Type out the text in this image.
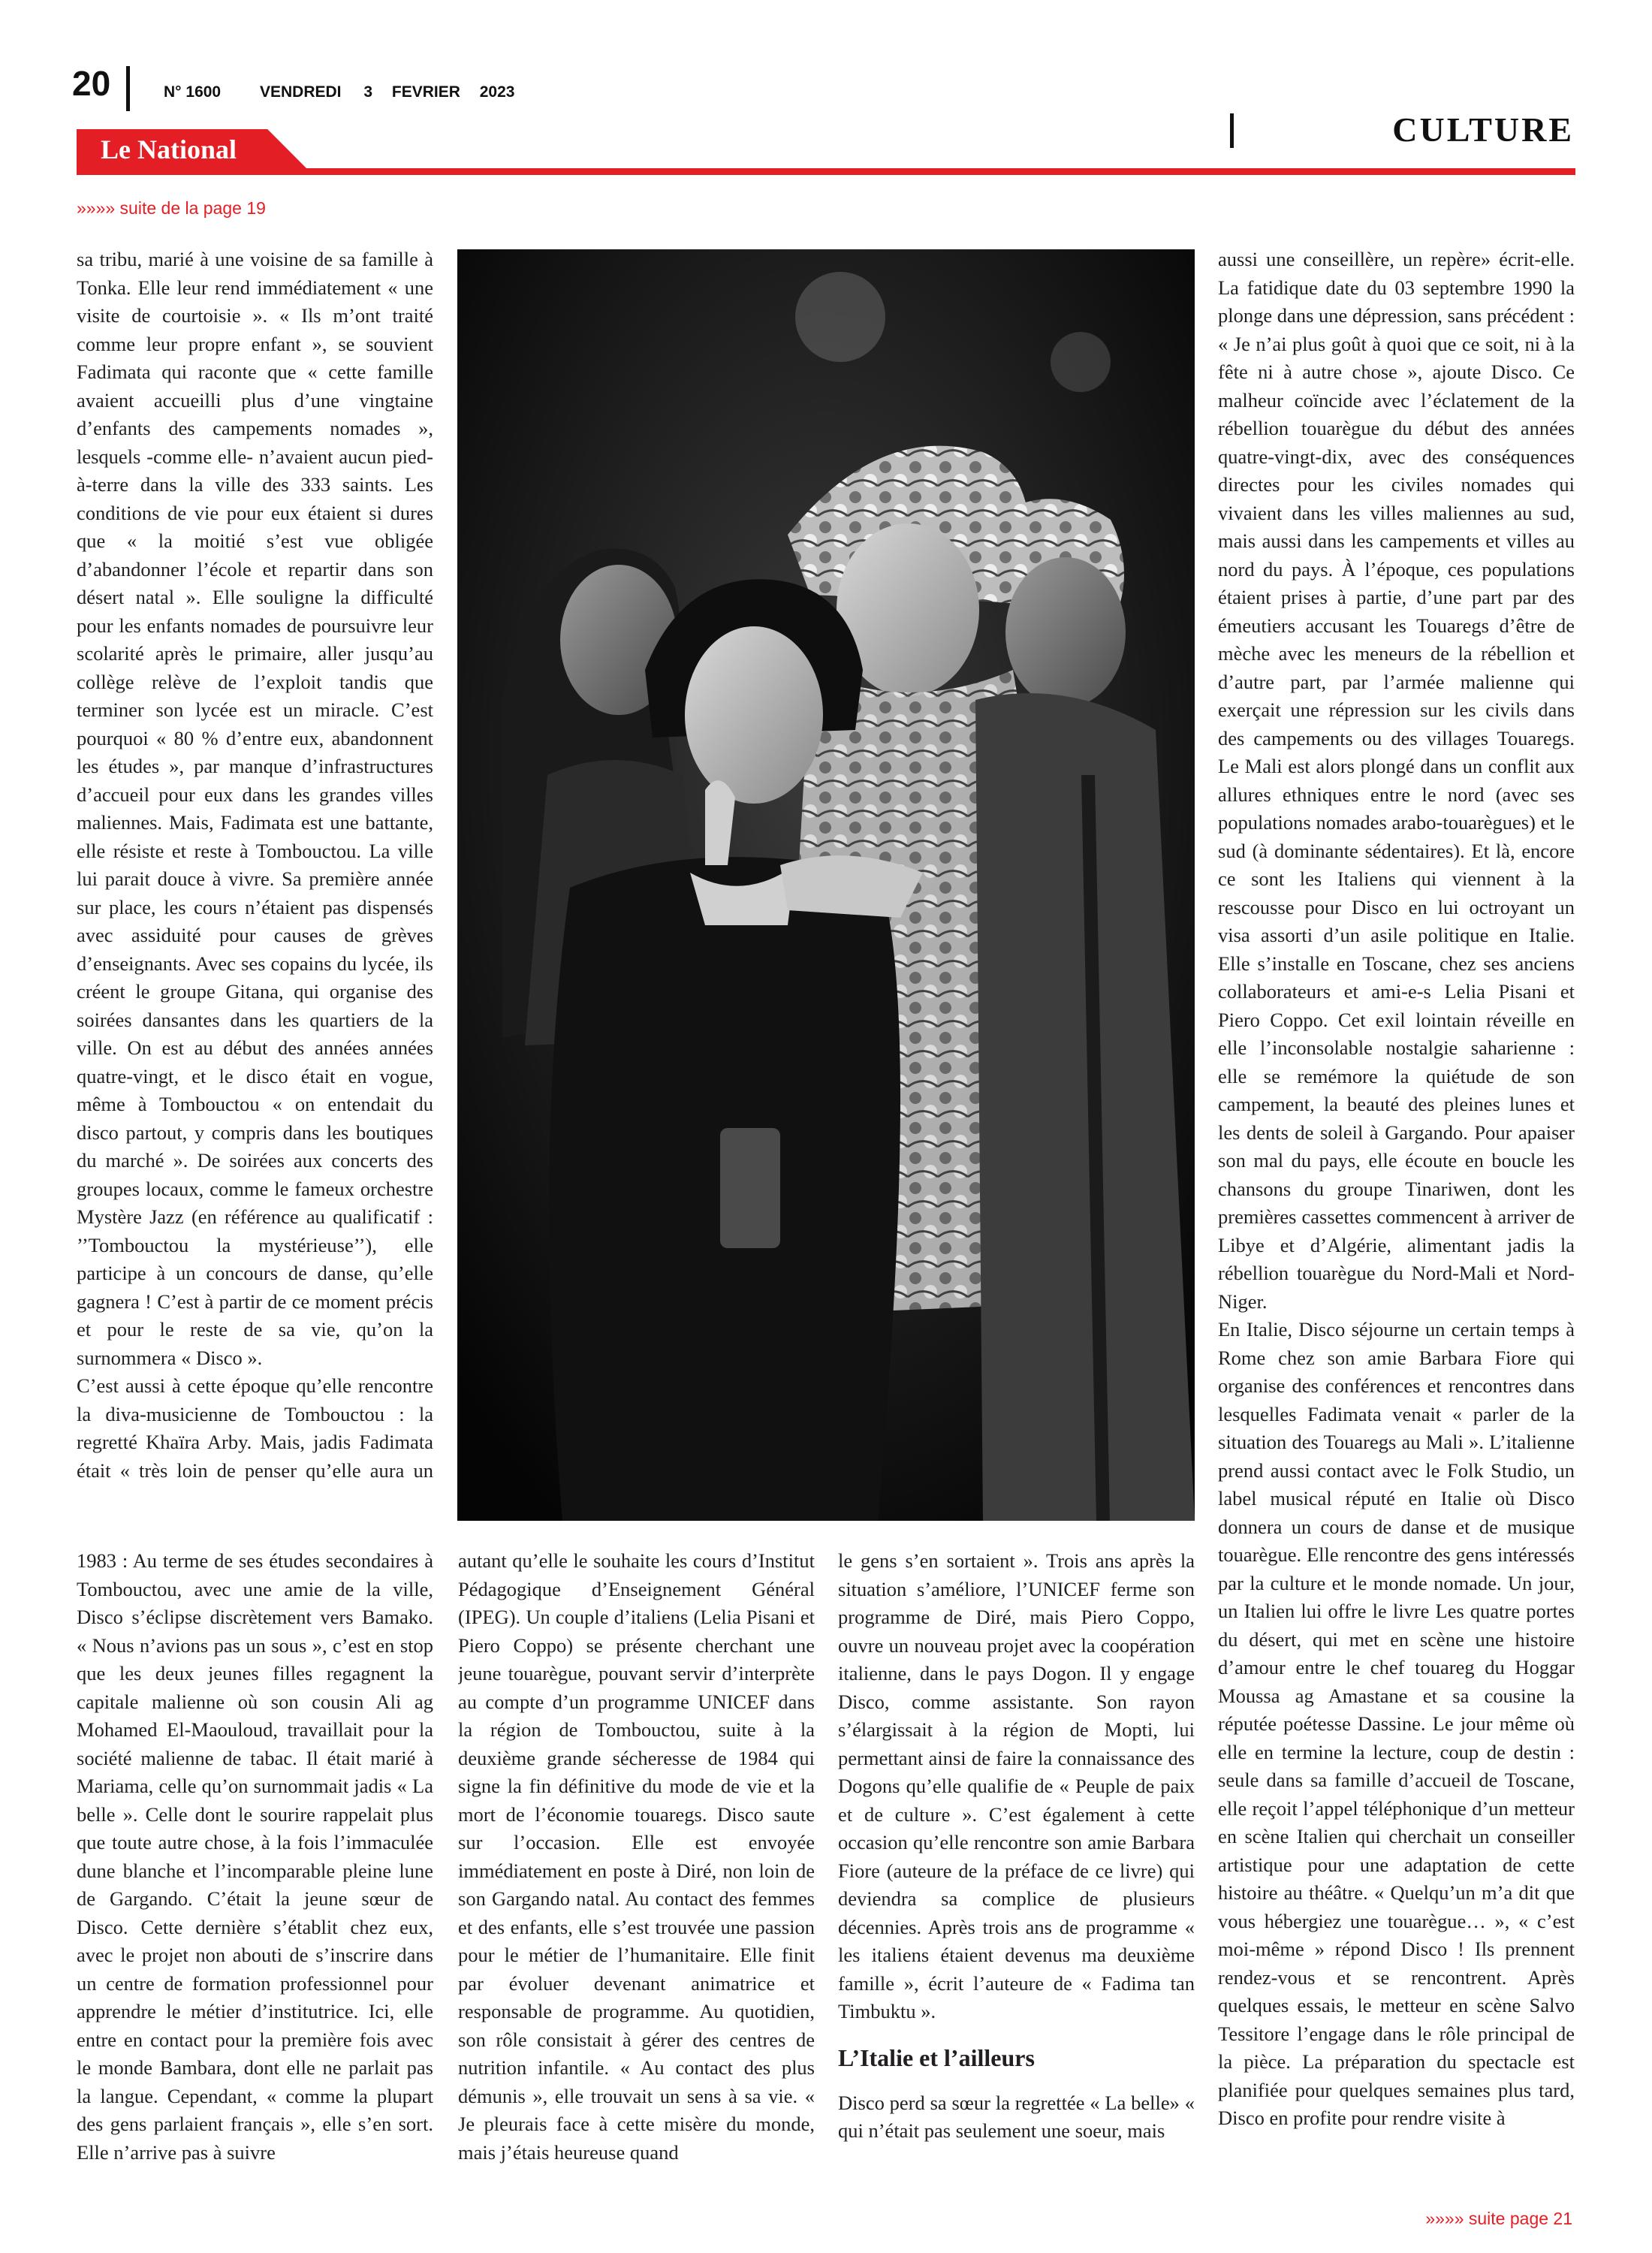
20	N° 1600 VENDREDI 3 FEVRIER 2023
CULTURE
Le National
»»»» suite de la page 19

sa tribu, marié à une voisine de sa famille à Tonka. Elle leur rend immédiatement « une visite de courtoisie ». « Ils m’ont traité comme leur propre enfant », se souvient Fadimata qui raconte que « cette famille avaient accueilli plus d’une vingtaine d’enfants des campements nomades », lesquels -comme elle- n’avaient aucun pied-à-terre dans la ville des 333 saints. Les conditions de vie pour eux étaient si dures que « la moitié s’est vue obligée d’abandonner l’école et repartir dans son désert natal ». Elle souligne la difficulté pour les enfants nomades de poursuivre leur scolarité après le primaire, aller jusqu’au collège relève de l’exploit tandis que terminer son lycée est un miracle. C’est pourquoi « 80 % d’entre eux, abandonnent les études », par manque d’infrastructures d’accueil pour eux dans les grandes villes maliennes. Mais, Fadimata est une battante, elle résiste et reste à Tombouctou. La ville lui parait douce à vivre. Sa première année sur place, les cours n’étaient pas dispensés avec assiduité pour causes de grèves d’enseignants. Avec ses copains du lycée, ils créent le groupe Gitana, qui organise des soirées dansantes dans les quartiers de la ville. On est au début des années années quatre-vingt, et le disco était en vogue, même à Tombouctou « on entendait du disco partout, y compris dans les boutiques du marché ». De soirées aux concerts des groupes locaux, comme le fameux orchestre Mystère Jazz (en référence au qualificatif : ’’Tombouctou la mystérieuse’’), elle participe à un concours de danse, qu’elle gagnera ! C’est à partir de ce moment précis et pour le reste de sa vie, qu’on la surnommera « Disco ».

C’est aussi à cette époque qu’elle rencontre la diva-musicienne de Tombouctou : la regretté Khaïra Arby. Mais, jadis Fadimata était « très loin de penser qu’elle aura un

1983 : Au terme de ses études secondaires à Tombouctou, avec une amie de la ville, Disco s’éclipse discrètement vers Bamako. « Nous n’avions pas un sous », c’est en stop que les deux jeunes filles regagnent la capitale malienne où son cousin Ali ag Mohamed El-Maouloud, travaillait pour la société malienne de tabac. Il était marié à Mariama, celle qu’on surnommait jadis « La belle ». Celle dont le sourire rappelait plus que toute autre chose, à la fois l’immaculée dune blanche et l’incomparable pleine lune de Gargando. C’était la jeune sœur de Disco. Cette dernière s’établit chez eux, avec le projet non abouti de s’inscrire dans un centre de formation professionnel pour apprendre le métier d’institutrice. Ici, elle entre en contact pour la première fois avec le monde Bambara, dont elle ne parlait pas la langue. Cependant, « comme la plupart des gens parlaient français », elle s’en sort. Elle n’arrive pas à suivre

autant qu’elle le souhaite les cours d’Institut Pédagogique d’Enseignement Général (IPEG). Un couple d’italiens (Lelia Pisani et Piero Coppo) se présente cherchant une jeune touarègue, pouvant servir d’interprète au compte d’un programme UNICEF dans la région de Tombouctou, suite à la deuxième grande sécheresse de 1984 qui signe la fin définitive du mode de vie et la mort de l’économie touaregs. Disco saute sur l’occasion. Elle est envoyée immédiatement en poste à Diré, non loin de son Gargando natal. Au contact des femmes et des enfants, elle s’est trouvée une passion pour le métier de l’humanitaire. Elle finit par évoluer devenant animatrice et responsable de programme. Au quotidien, son rôle consistait à gérer des centres de nutrition infantile. « Au contact des plus démunis », elle trouvait un sens à sa vie. « Je pleurais face à cette misère du monde, mais j’étais heureuse quand

le gens s’en sortaient ». Trois ans après la situation s’améliore, l’UNICEF ferme son programme de Diré, mais Piero Coppo, ouvre un nouveau projet avec la coopération italienne, dans le pays Dogon. Il y engage Disco, comme assistante. Son rayon s’élargissait à la région de Mopti, lui permettant ainsi de faire la connaissance des Dogons qu’elle qualifie de « Peuple de paix et de culture ». C’est également à cette occasion qu’elle rencontre son amie Barbara Fiore (auteure de la préface de ce livre) qui deviendra sa complice de plusieurs décennies. Après trois ans de programme « les italiens étaient devenus ma deuxième famille », écrit l’auteure de « Fadima tan Timbuktu ».

L’Italie et l’ailleurs

Disco perd sa sœur la regrettée « La belle» « qui n’était pas seulement une soeur, mais

aussi une conseillère, un repère» écrit-elle. La fatidique date du 03 septembre 1990 la plonge dans une dépression, sans précédent : « Je n’ai plus goût à quoi que ce soit, ni à la fête ni à autre chose », ajoute Disco. Ce malheur coïncide avec l’éclatement de la rébellion touarègue du début des années quatre-vingt-dix, avec des conséquences directes pour les civiles nomades qui vivaient dans les villes maliennes au sud, mais aussi dans les campements et villes au nord du pays. À l’époque, ces populations étaient prises à partie, d’une part par des émeutiers accusant les Touaregs d’être de mèche avec les meneurs de la rébellion et d’autre part, par l’armée malienne qui exerçait une répression sur les civils dans des campements ou des villages Touaregs. Le Mali est alors plongé dans un conflit aux allures ethniques entre le nord (avec ses populations nomades arabo-touarègues) et le sud (à dominante sédentaires). Et là, encore ce sont les Italiens qui viennent à la rescousse pour Disco en lui octroyant un visa assorti d’un asile politique en Italie. Elle s’installe en Toscane, chez ses anciens collaborateurs et ami-e-s Lelia Pisani et Piero Coppo. Cet exil lointain réveille en elle l’inconsolable nostalgie saharienne : elle se remémore la quiétude de son campement, la beauté des pleines lunes et les dents de soleil à Gargando. Pour apaiser son mal du pays, elle écoute en boucle les chansons du groupe Tinariwen, dont les premières cassettes commencent à arriver de Libye et d’Algérie, alimentant jadis la rébellion touarègue du Nord-Mali et Nord-Niger.

En Italie, Disco séjourne un certain temps à Rome chez son amie Barbara Fiore qui organise des conférences et rencontres dans lesquelles Fadimata venait « parler de la situation des Touaregs au Mali ». L’italienne prend aussi contact avec le Folk Studio, un label musical réputé en Italie où Disco donnera un cours de danse et de musique touarègue. Elle rencontre des gens intéressés par la culture et le monde nomade. Un jour, un Italien lui offre le livre Les quatre portes du désert, qui met en scène une histoire d’amour entre le chef touareg du Hoggar Moussa ag Amastane et sa cousine la réputée poétesse Dassine. Le jour même où elle en termine la lecture, coup de destin : seule dans sa famille d’accueil de Toscane, elle reçoit l’appel téléphonique d’un metteur en scène Italien qui cherchait un conseiller artistique pour une adaptation de cette histoire au théâtre. « Quelqu’un m’a dit que vous hébergiez une touarègue… », « c’est moi-même » répond Disco ! Ils prennent rendez-vous et se rencontrent. Après quelques essais, le metteur en scène Salvo Tessitore l’engage dans le rôle principal de la pièce. La préparation du spectacle est planifiée pour quelques semaines plus tard, Disco en profite pour rendre visite à

»»»» suite page 21
